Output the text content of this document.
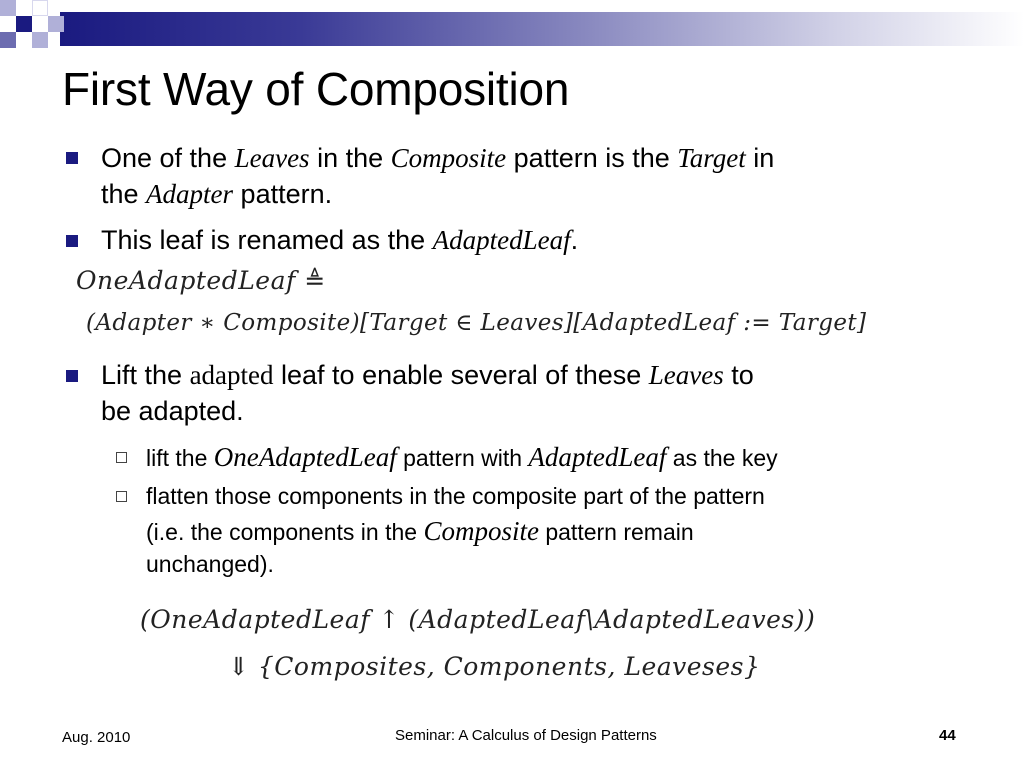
First Way of Composition
One of the Leaves in the Composite pattern is the Target in
the Adapter pattern.
This leaf is renamed as the AdaptedLeaf.
OneAdaptedLeaf ≜
(Adapter ∗ Composite)[Target ∈ Leaves][AdaptedLeaf := Target]
Lift the adapted leaf to enable several of these Leaves to
be adapted.
lift the OneAdaptedLeaf pattern with AdaptedLeaf as the key
flatten those components in the composite part of the pattern
(i.e. the components in the Composite pattern remain
unchanged).
(OneAdaptedLeaf ↑ (AdaptedLeaf\AdaptedLeaves))
⇓ {Composites, Components, Leaveses}
Aug. 2010	Seminar: A Calculus of Design Patterns	44
